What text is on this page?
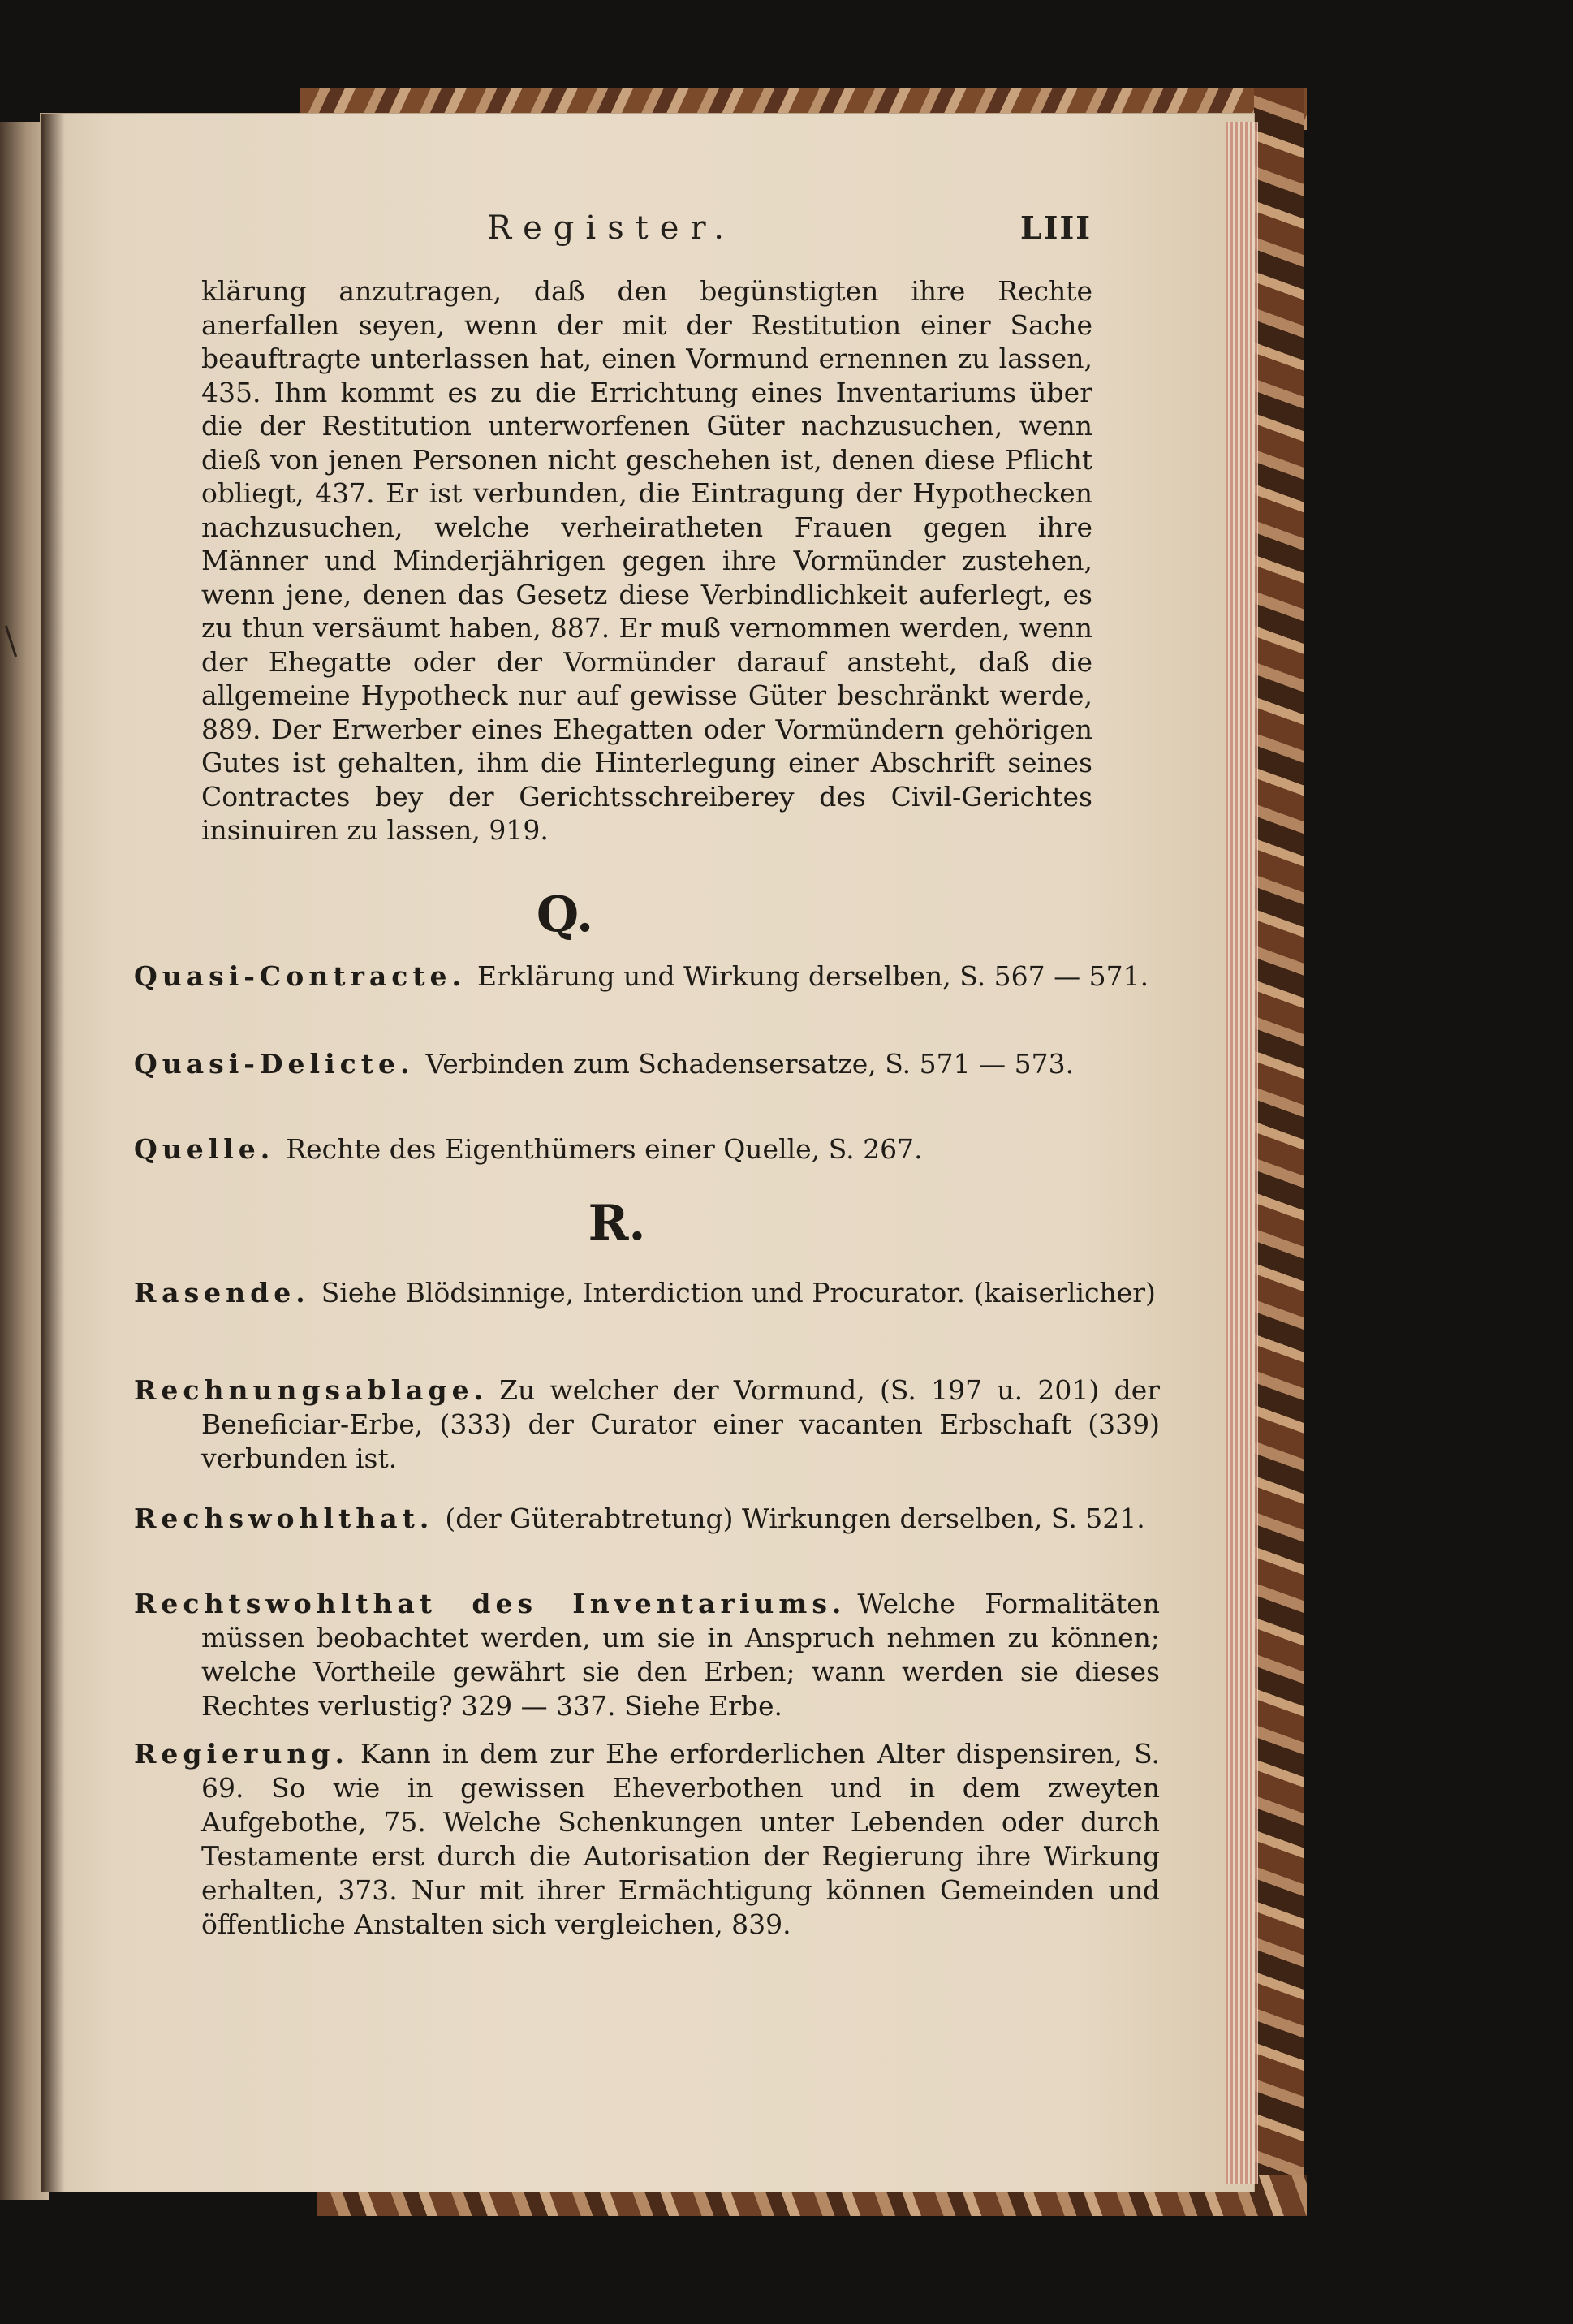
Register.	LIII

klärung anzutragen, daß den begünstigten ihre Rechte anerfallen seyen, wenn der mit der Restitution einer Sache beauftragte unterlassen hat, einen Vormund ernennen zu lassen, 435. Ihm kommt es zu die Errichtung eines Inventariums über die der Restitution unterworfenen Güter nachzusuchen, wenn dieß von jenen Personen nicht geschehen ist, denen diese Pflicht obliegt, 437. Er ist verbunden, die Eintragung der Hypothecken nachzusuchen, welche verheiratheten Frauen gegen ihre Männer und Minderjährigen gegen ihre Vormünder zustehen, wenn jene, denen das Gesetz diese Verbindlichkeit auferlegt, es zu thun versäumt haben, 887. Er muß vernommen werden, wenn der Ehegatte oder der Vormünder darauf ansteht, daß die allgemeine Hypotheck nur auf gewisse Güter beschränkt werde, 889. Der Erwerber eines Ehegatten oder Vormündern gehörigen Gutes ist gehalten, ihm die Hinterlegung einer Abschrift seines Contractes bey der Gerichtsschreiberey des Civil-Gerichtes insinuiren zu lassen, 919.

Q.

Quasi-Contracte. Erklärung und Wirkung derselben, S. 567 — 571.

Quasi-Delicte. Verbinden zum Schadensersatze, S. 571 — 573.

Quelle. Rechte des Eigenthümers einer Quelle, S. 267.

R.

Rasende. Siehe Blödsinnige, Interdiction und Procurator. (kaiserlicher)

Rechnungsablage. Zu welcher der Vormund, (S. 197 u. 201) der Beneficiar-Erbe, (333) der Curator einer vacanten Erbschaft (339) verbunden ist.

Rechswohlthat. (der Güterabtretung) Wirkungen derselben, S. 521.

Rechtswohlthat des Inventariums. Welche Formalitäten müssen beobachtet werden, um sie in Anspruch nehmen zu können; welche Vortheile gewährt sie den Erben; wann werden sie dieses Rechtes verlustig? 329 — 337. Siehe Erbe.

Regierung. Kann in dem zur Ehe erforderlichen Alter dispensiren, S. 69. So wie in gewissen Eheverbothen und in dem zweyten Aufgebothe, 75. Welche Schenkungen unter Lebenden oder durch Testamente erst durch die Autorisation der Regierung ihre Wirkung erhalten, 373. Nur mit ihrer Ermächtigung können Gemeinden und öffentliche Anstalten sich vergleichen, 839.
